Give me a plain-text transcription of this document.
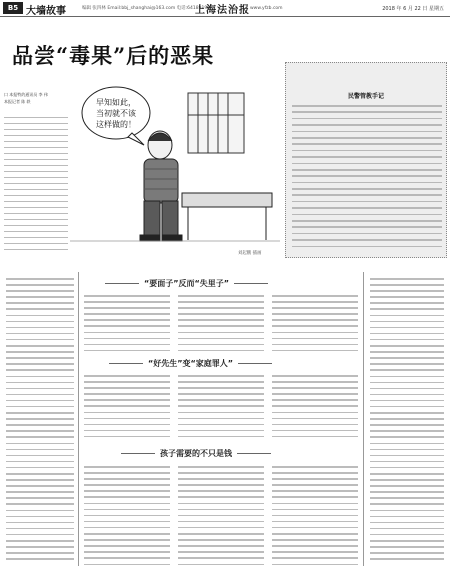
B5 大墙故事	编辑 张四林 Email:bbj_shanghai@163.com 电话:64189199
上海法治报 www.yfzb.com	2018 年 6 月 22 日 星期五
品尝“毒果”后的恶果

口 本报特约通讯员 李 伟

本报记者 陈 轶	早知如此，
当初就不该
这样做的！
刘起鹏 插画
民警管教手记
“要面子”反而“失里子”
“好先生”变“家庭罪人”
孩子需要的不只是钱
